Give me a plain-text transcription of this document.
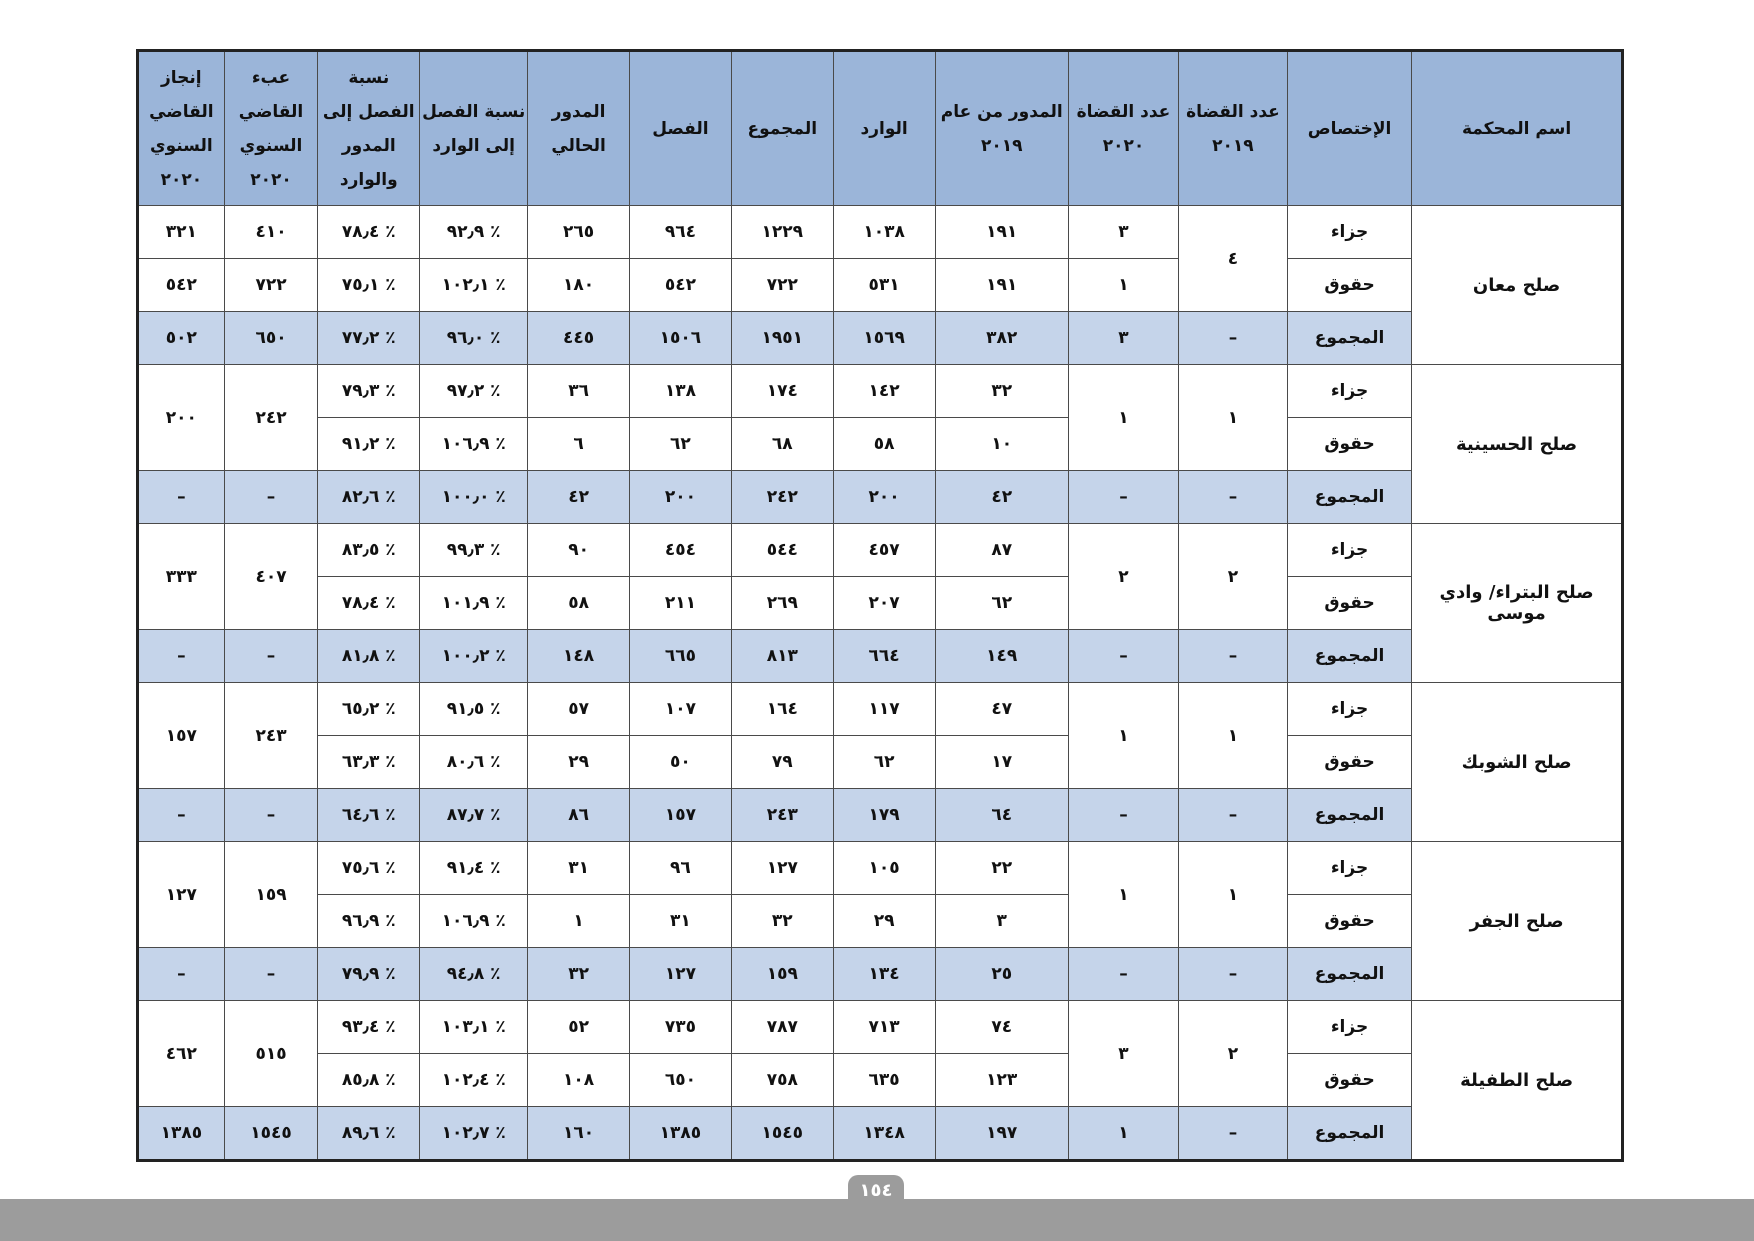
اسم المحكمة	الإختصاص	عدد القضاة ٢٠١٩	عدد القضاة ٢٠٢٠	المدور من عام ٢٠١٩	الوارد	المجموع	الفصل	المدور الحالي	نسبة الفصل إلى الوارد	نسبة الفصل إلى المدور والوارد	عبء القاضي السنوي ٢٠٢٠	إنجاز القاضي السنوي ٢٠٢٠
صلح معان	جزاء	٤	٣	١٩١	١٠٣٨	١٢٢٩	٩٦٤	٢٦٥	٪ ٩٢٫٩	٪ ٧٨٫٤	٤١٠	٣٢١
	حقوق		١	١٩١	٥٣١	٧٢٢	٥٤٢	١٨٠	٪ ١٠٢٫١	٪ ٧٥٫١	٧٢٢	٥٤٢
	المجموع	–	٣	٣٨٢	١٥٦٩	١٩٥١	١٥٠٦	٤٤٥	٪ ٩٦٫٠	٪ ٧٧٫٢	٦٥٠	٥٠٢
صلح الحسينية	جزاء	١	١	٣٢	١٤٢	١٧٤	١٣٨	٣٦	٪ ٩٧٫٢	٪ ٧٩٫٣	٢٤٢	٢٠٠
	حقوق			١٠	٥٨	٦٨	٦٢	٦	٪ ١٠٦٫٩	٪ ٩١٫٢		
	المجموع	–	–	٤٢	٢٠٠	٢٤٢	٢٠٠	٤٢	٪ ١٠٠٫٠	٪ ٨٢٫٦	–	–
صلح البتراء/ وادي موسى	جزاء	٢	٢	٨٧	٤٥٧	٥٤٤	٤٥٤	٩٠	٪ ٩٩٫٣	٪ ٨٣٫٥	٤٠٧	٣٣٣
	حقوق			٦٢	٢٠٧	٢٦٩	٢١١	٥٨	٪ ١٠١٫٩	٪ ٧٨٫٤		
	المجموع	–	–	١٤٩	٦٦٤	٨١٣	٦٦٥	١٤٨	٪ ١٠٠٫٢	٪ ٨١٫٨	–	–
صلح الشوبك	جزاء	١	١	٤٧	١١٧	١٦٤	١٠٧	٥٧	٪ ٩١٫٥	٪ ٦٥٫٢	٢٤٣	١٥٧
	حقوق			١٧	٦٢	٧٩	٥٠	٢٩	٪ ٨٠٫٦	٪ ٦٣٫٣		
	المجموع	–	–	٦٤	١٧٩	٢٤٣	١٥٧	٨٦	٪ ٨٧٫٧	٪ ٦٤٫٦	–	–
صلح الجفر	جزاء	١	١	٢٢	١٠٥	١٢٧	٩٦	٣١	٪ ٩١٫٤	٪ ٧٥٫٦	١٥٩	١٢٧
	حقوق			٣	٢٩	٣٢	٣١	١	٪ ١٠٦٫٩	٪ ٩٦٫٩		
	المجموع	–	–	٢٥	١٣٤	١٥٩	١٢٧	٣٢	٪ ٩٤٫٨	٪ ٧٩٫٩	–	–
صلح الطفيلة	جزاء	٢	٣	٧٤	٧١٣	٧٨٧	٧٣٥	٥٢	٪ ١٠٣٫١	٪ ٩٣٫٤	٥١٥	٤٦٢
	حقوق			١٢٣	٦٣٥	٧٥٨	٦٥٠	١٠٨	٪ ١٠٢٫٤	٪ ٨٥٫٨		
	المجموع	–	١	١٩٧	١٣٤٨	١٥٤٥	١٣٨٥	١٦٠	٪ ١٠٢٫٧	٪ ٨٩٫٦	١٥٤٥	١٣٨٥
١٥٤
